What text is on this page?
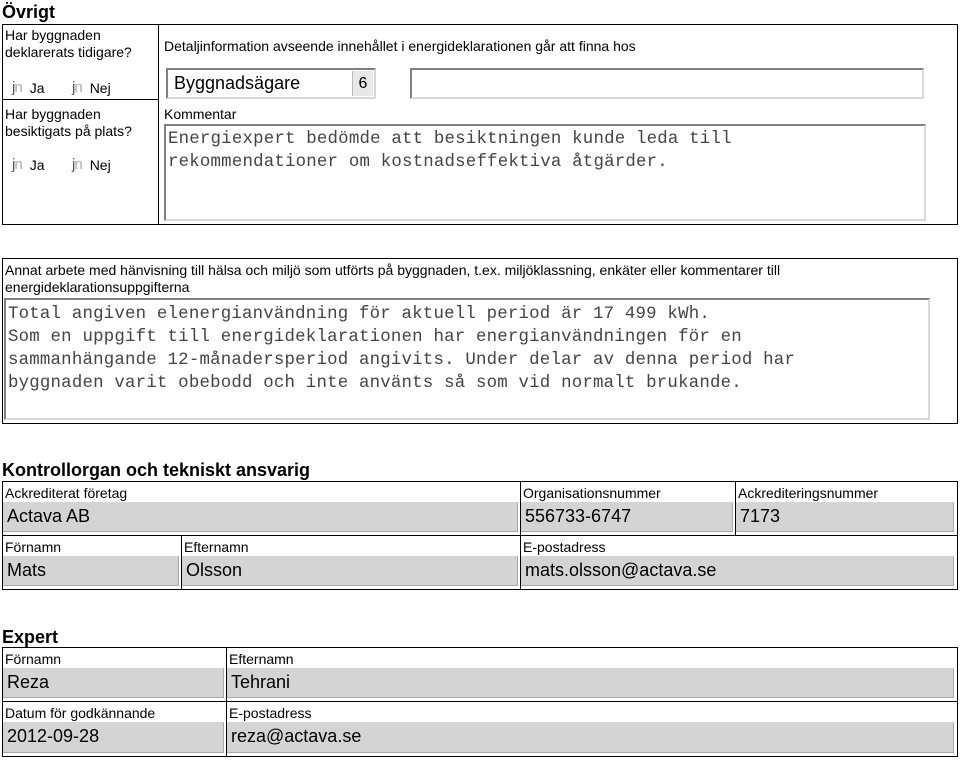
Övrigt
Har byggnaden deklarerats tidigare?
jn Ja jn Nej
Har byggnaden besiktigats på plats?
jn Ja jn Nej
Detaljinformation avseende innehållet i energideklarationen går att finna hos
Byggnadsägare	6
Kommentar
Energiexpert bedömde att besiktningen kunde leda till
rekommendationer om kostnadseffektiva åtgärder.
Annat arbete med hänvisning till hälsa och miljö som utförts på byggnaden, t.ex. miljöklassning, enkäter eller kommentarer till
energideklarationsuppgifterna
Total angiven elenergianvändning för aktuell period är 17 499 kWh.
Som en uppgift till energideklarationen har energianvändningen för en
sammanhängande 12-månadersperiod angivits. Under delar av denna period har
byggnaden varit obebodd och inte använts så som vid normalt brukande.
Kontrollorgan och tekniskt ansvarig
Ackrediterat företag
Actava AB
Organisationsnummer
556733-6747
Ackrediteringsnummer
7173
Förnamn
Mats
Efternamn
Olsson
E-postadress
mats.olsson@actava.se
Expert
Förnamn
Reza
Efternamn
Tehrani
Datum för godkännande
2012-09-28
E-postadress
reza@actava.se
